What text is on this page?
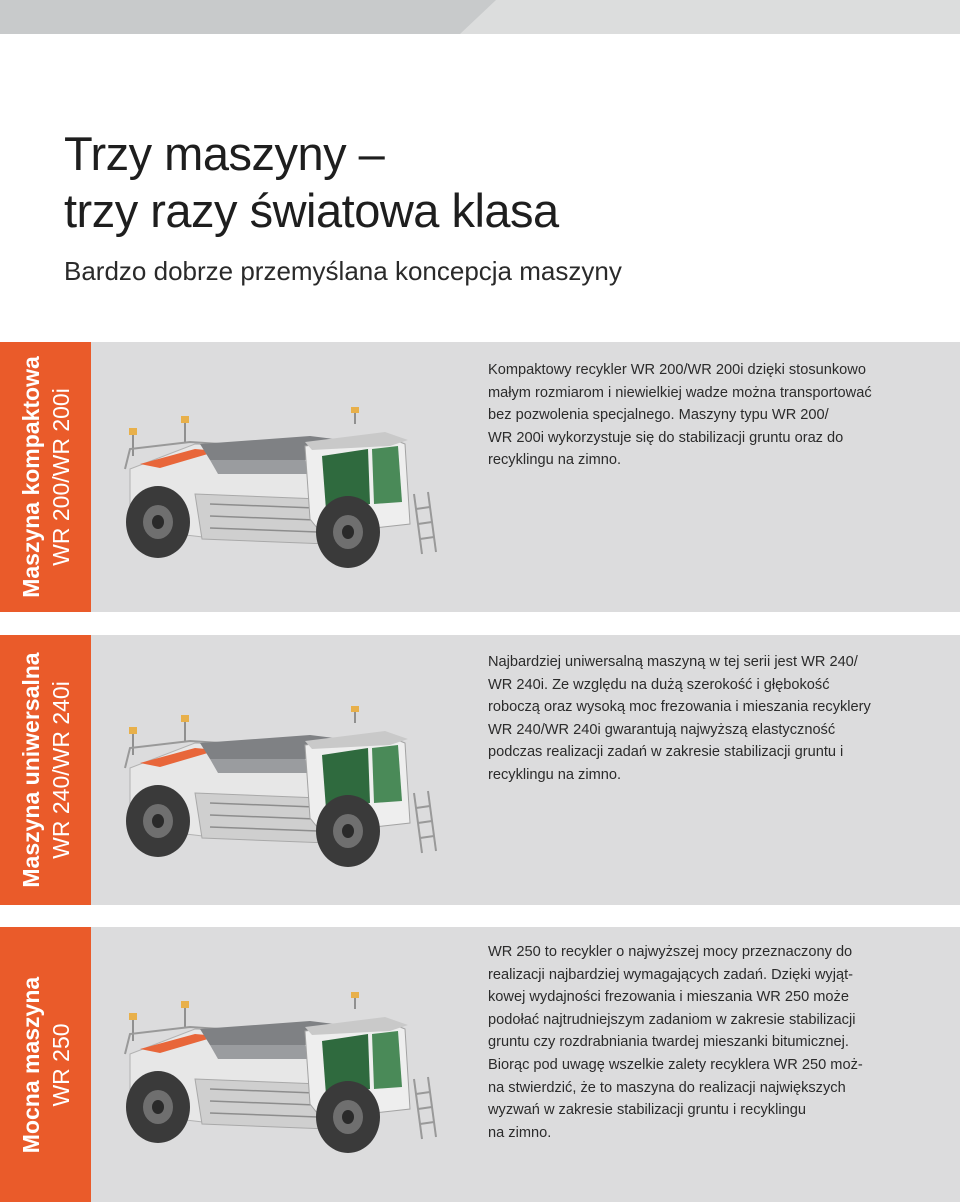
Trzy maszyny –
trzy razy światowa klasa

Bardzo dobrze przemyślana koncepcja maszyny

Maszyna kompaktowa WR 200/WR 200i

Kompaktowy recykler WR 200/WR 200i dzięki stosunkowo
małym rozmiarom i niewielkiej wadze można transportować
bez pozwolenia specjalnego. Maszyny typu WR 200/
WR 200i wykorzystuje się do stabilizacji gruntu oraz do
recyklingu na zimno.

Maszyna uniwersalna WR 240/WR 240i

Najbardziej uniwersalną maszyną w tej serii jest WR 240/
WR 240i. Ze względu na dużą szerokość i głębokość
roboczą oraz wysoką moc frezowania i mieszania recyklery
WR 240/WR 240i gwarantują najwyższą elastyczność
podczas realizacji zadań w zakresie stabilizacji gruntu i
recyklingu na zimno.

Mocna maszyna WR 250

WR 250 to recykler o najwyższej mocy przeznaczony do
realizacji najbardziej wymagających zadań. Dzięki wyjąt-
kowej wydajności frezowania i mieszania WR 250 może
podołać najtrudniejszym zadaniom w zakresie stabilizacji
gruntu czy rozdrabniania twardej mieszanki bitumicznej.
Biorąc pod uwagę wszelkie zalety recyklera WR 250 moż-
na stwierdzić, że to maszyna do realizacji największych
wyzwań w zakresie stabilizacji gruntu i recyklingu
na zimno.
